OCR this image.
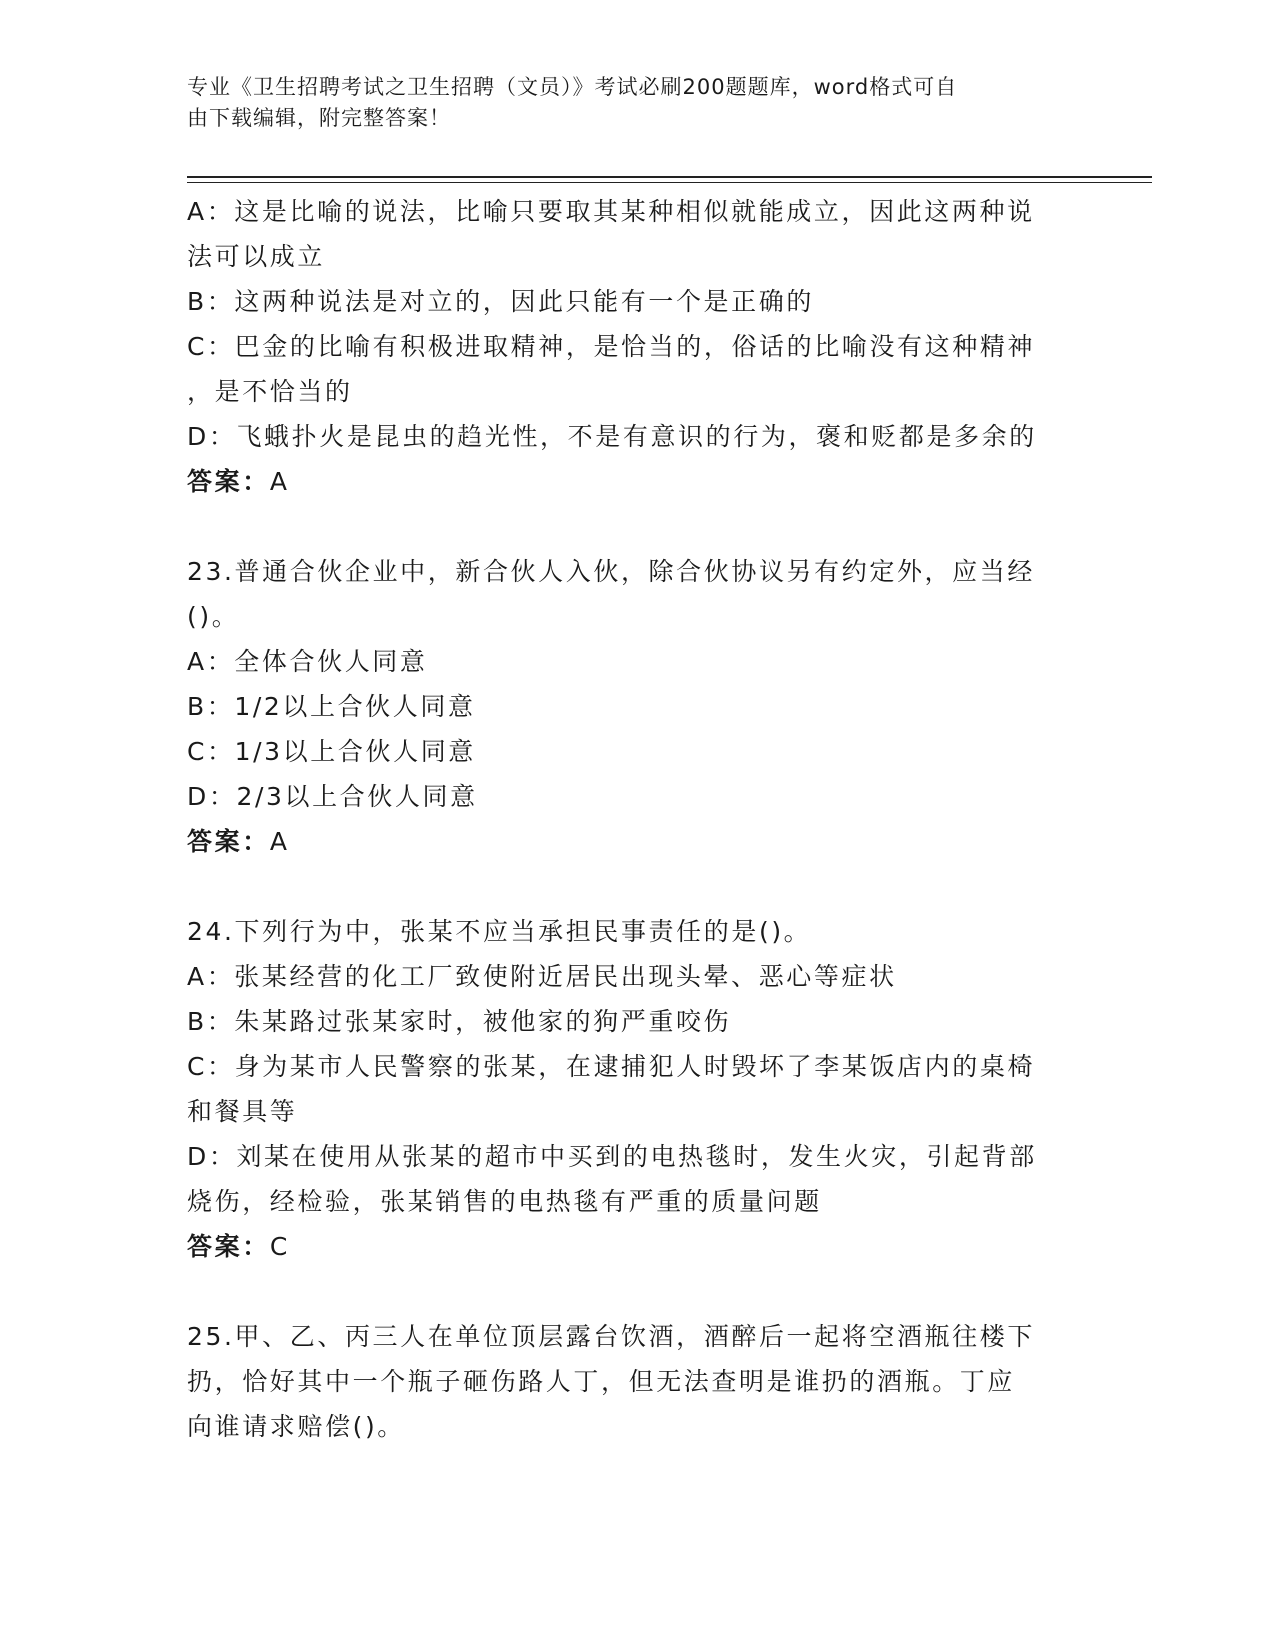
专业《卫生招聘考试之卫生招聘（文员）》考试必刷200题题库，word格式可自
由下载编辑，附完整答案！
A：这是比喻的说法，比喻只要取其某种相似就能成立，因此这两种说
法可以成立
B：这两种说法是对立的，因此只能有一个是正确的
C：巴金的比喻有积极进取精神，是恰当的，俗话的比喻没有这种精神
，是不恰当的
D：飞蛾扑火是昆虫的趋光性，不是有意识的行为，褒和贬都是多余的
答案：A
23.普通合伙企业中，新合伙人入伙，除合伙协议另有约定外，应当经
()。
A：全体合伙人同意
B：1/2以上合伙人同意
C：1/3以上合伙人同意
D：2/3以上合伙人同意
答案：A
24.下列行为中，张某不应当承担民事责任的是()。
A：张某经营的化工厂致使附近居民出现头晕、恶心等症状
B：朱某路过张某家时，被他家的狗严重咬伤
C：身为某市人民警察的张某，在逮捕犯人时毁坏了李某饭店内的桌椅
和餐具等
D：刘某在使用从张某的超市中买到的电热毯时，发生火灾，引起背部
烧伤，经检验，张某销售的电热毯有严重的质量问题
答案：C
25.甲、乙、丙三人在单位顶层露台饮酒，酒醉后一起将空酒瓶往楼下
扔，恰好其中一个瓶子砸伤路人丁，但无法查明是谁扔的酒瓶。丁应
向谁请求赔偿()。
